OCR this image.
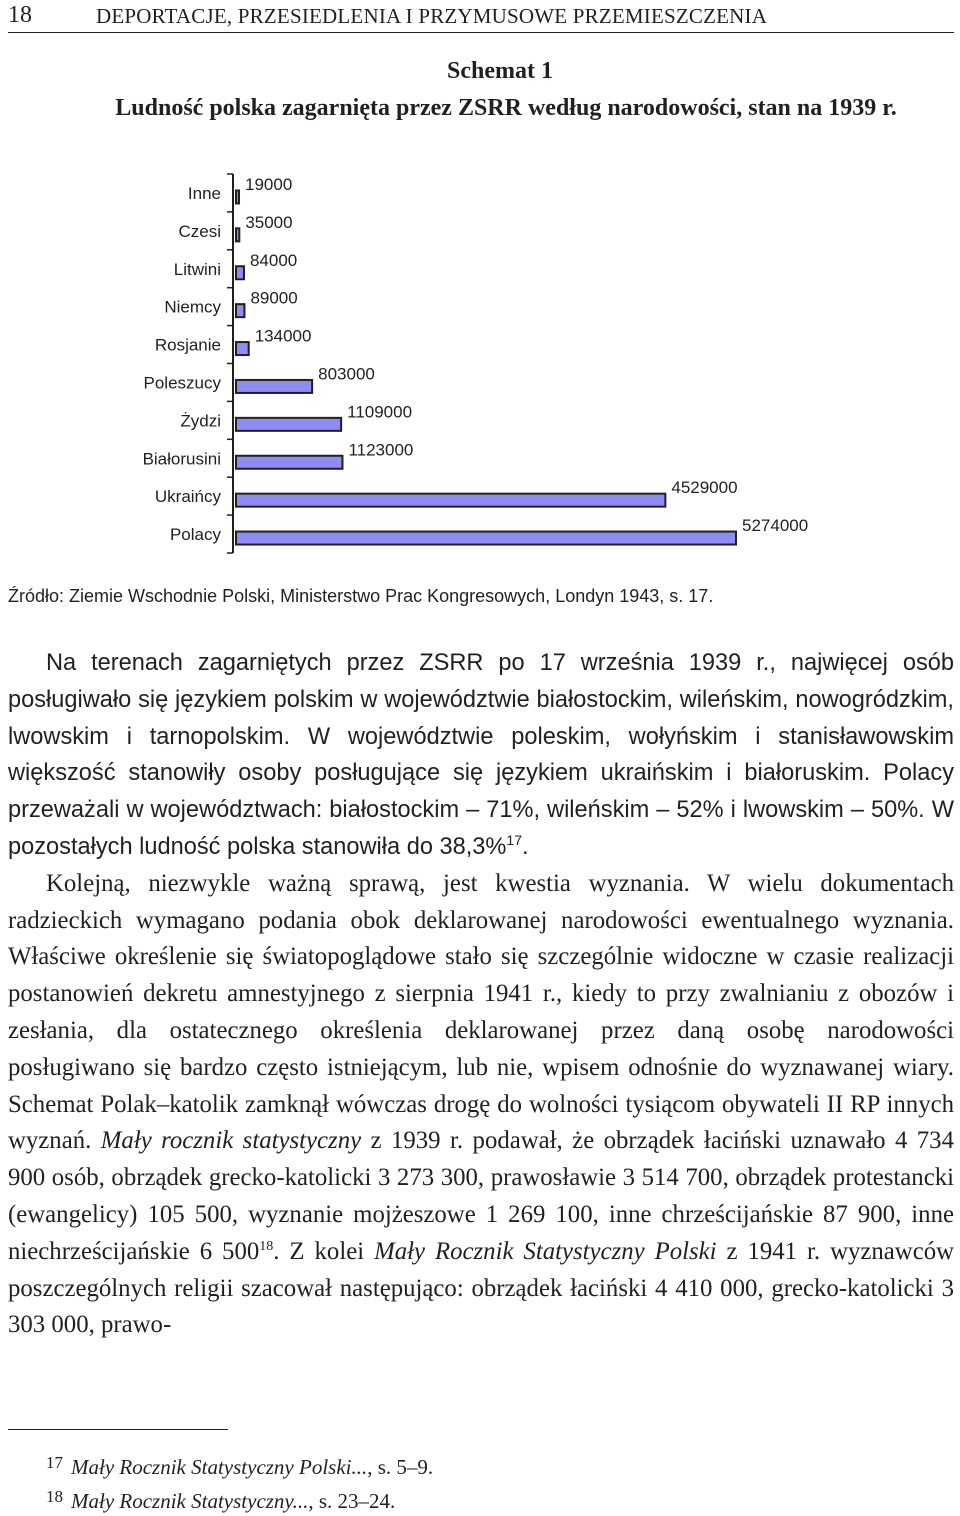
18	DEPORTACJE, PRZESIEDLENIA I PRZYMUSOWE PRZEMIESZCZENIA
Schemat 1
Ludność polska zagarnięta przez ZSRR według narodowości, stan na 1939 r.
Inne 19000
Czesi 35000
Litwini 84000
Niemcy 89000
Rosjanie 134000
Poleszucy	803000
Żydzi	1109000
Białorusini	1123000
Ukraińcy	4529000
Polacy	5274000
Źródło: Ziemie Wschodnie Polski, Ministerstwo Prac Kongresowych, Londyn 1943, s. 17.

Na terenach zagarniętych przez ZSRR po 17 września 1939 r., najwięcej osób posługiwało się językiem polskim w województwie białostockim, wileńskim, nowogródzkim, lwowskim i tarnopolskim. W województwie poleskim, wołyńskim i stanisławowskim większość stanowiły osoby posługujące się językiem ukraińskim i białoruskim. Polacy przeważali w województwach: białostockim – 71%, wileńskim – 52% i lwowskim – 50%. W pozostałych ludność polska stanowiła do 38,3%$^{17}$.

Kolejną, niezwykle ważną sprawą, jest kwestia wyznania. W wielu dokumentach radzieckich wymagano podania obok deklarowanej narodowości ewentualnego wyznania. Właściwe określenie się światopoglądowe stało się szczególnie widoczne w czasie realizacji postanowień dekretu amnestyjnego z sierpnia 1941 r., kiedy to przy zwalnianiu z obozów i zesłania, dla ostatecznego określenia deklarowanej przez daną osobę narodowości posługiwano się bardzo często istniejącym, lub nie, wpisem odnośnie do wyznawanej wiary. Schemat Polak–katolik zamknął wówczas drogę do wolności tysiącom obywateli II RP innych wyznań. Mały rocznik statystyczny z 1939 r. podawał, że obrządek łaciński uznawało 4 734 900 osób, obrządek grecko-katolicki 3 273 300, prawosławie 3 514 700, obrządek protestancki (ewangelicy) 105 500, wyznanie mojżeszowe 1 269 100, inne chrześcijańskie 87 900, inne niechrześcijańskie 6 $500^{18}$. Z kolei Mały Rocznik Statystyczny Polski z 1941 r. wyznawców poszczególnych religii szacował następująco: obrządek łaciński 4 410 000, grecko-katolicki 3 303 000, prawo-

$^{17}$ Mały Rocznik Statystyczny Polski..., s. 5–9.
$^{18}$ Mały Rocznik Statystyczny..., s. 23–24.
